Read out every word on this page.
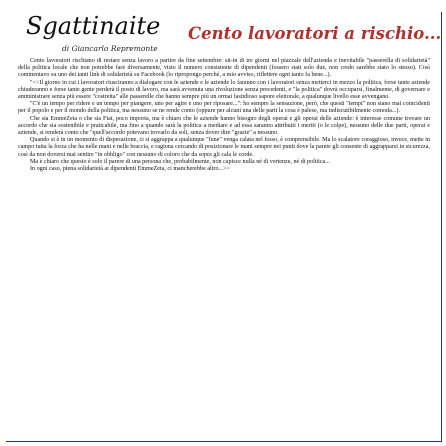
Sgattinaite
di Giancarlo Repremonte
Cento lavoratori a rischio...

Cento lavoratori rischiano di restare senza lavoro a partire da fine settembre: sit-in di tre giorni nel piazzale dell'azienda e inevitabile "passerella di solidarietà" della politica locale che non potrebbe fare diversamente, visto il numero consistente di dipendenti (fossero stati solo due, non credo sarebbe stato lo stesso). Così commentavo su uno dei tanti link di solidarietà su Facebook (lo ripropongo perché, a mio avviso, riflettere ogni tanto fa bene...).

"<<Il giorno in cui i lavoratori riusciranno a dialogare con le aziende e le aziende lo faranno con i lavoratori senza metterci in mezzo la politica, forse tante aziende chiuderanno e forse tante gente perderà il posto di lavoro, ma sarà avvenuta una rivoluzione senza precedenti, e "la politica" dovrà occuparsi, finalmente, di governare e amministrare senza più essere "costretta" alle passerelle che hanno sempre più un ormai fastidioso sapore elettorale, a qualunque livello esse avvengano.

"C'è un tempo per ridere e un tempo per piangere, uno per agire e uno per riposare...": ho sempre la sensazione, però, che questi "tempi" non siano mai coincidenti per il popolo e per il mondo della politica, ma nessuno se ne rende conto (oppure per alcuni una delle parti la cosa è palese, ma indiscutibilmente comoda...).

Che sia EmmeZeta o che sia Fiat, poco importa, ma è chiaro che le aziende hanno bisogno degli operai e gli operai delle aziende: è interesse comune trovare un accordo che sia sostenibile e praticabile, ma fino a quando sarà la politica a mediare e ad essa saranno attribuiti i meriti (o le colpe), nessuno delle due parti, operai e aziende, si renderà conto che "quell'accordo potevano trovarlo da soli, senza dover dire "grazie" a nessuno.

Quando si è in un momento di disperazione, ci si aggrappa a qualunque "fune" venga calata nel fosso, è comprensibile. Ma lo scalatore coraggioso, invece, mette in campo tutta la forza che ha nelle mani e nelle braccia, e ragiona cercando di posizionare le mani sempre nei punti dove la parete gli consente di aggrapparsi in sicurezza, così da non doversi mai sentire "in obbligo" con nessuno di coloro che da sopra gli cala le corde.

Ma è chiaro che questo è solo il parere di una persona che, probabilmente, non capisce nulla né di vertenze, né di politica...

In ogni caso, piena solidarietà ai dipendenti EmmeZeta, ci mancherebbe altro...>>
